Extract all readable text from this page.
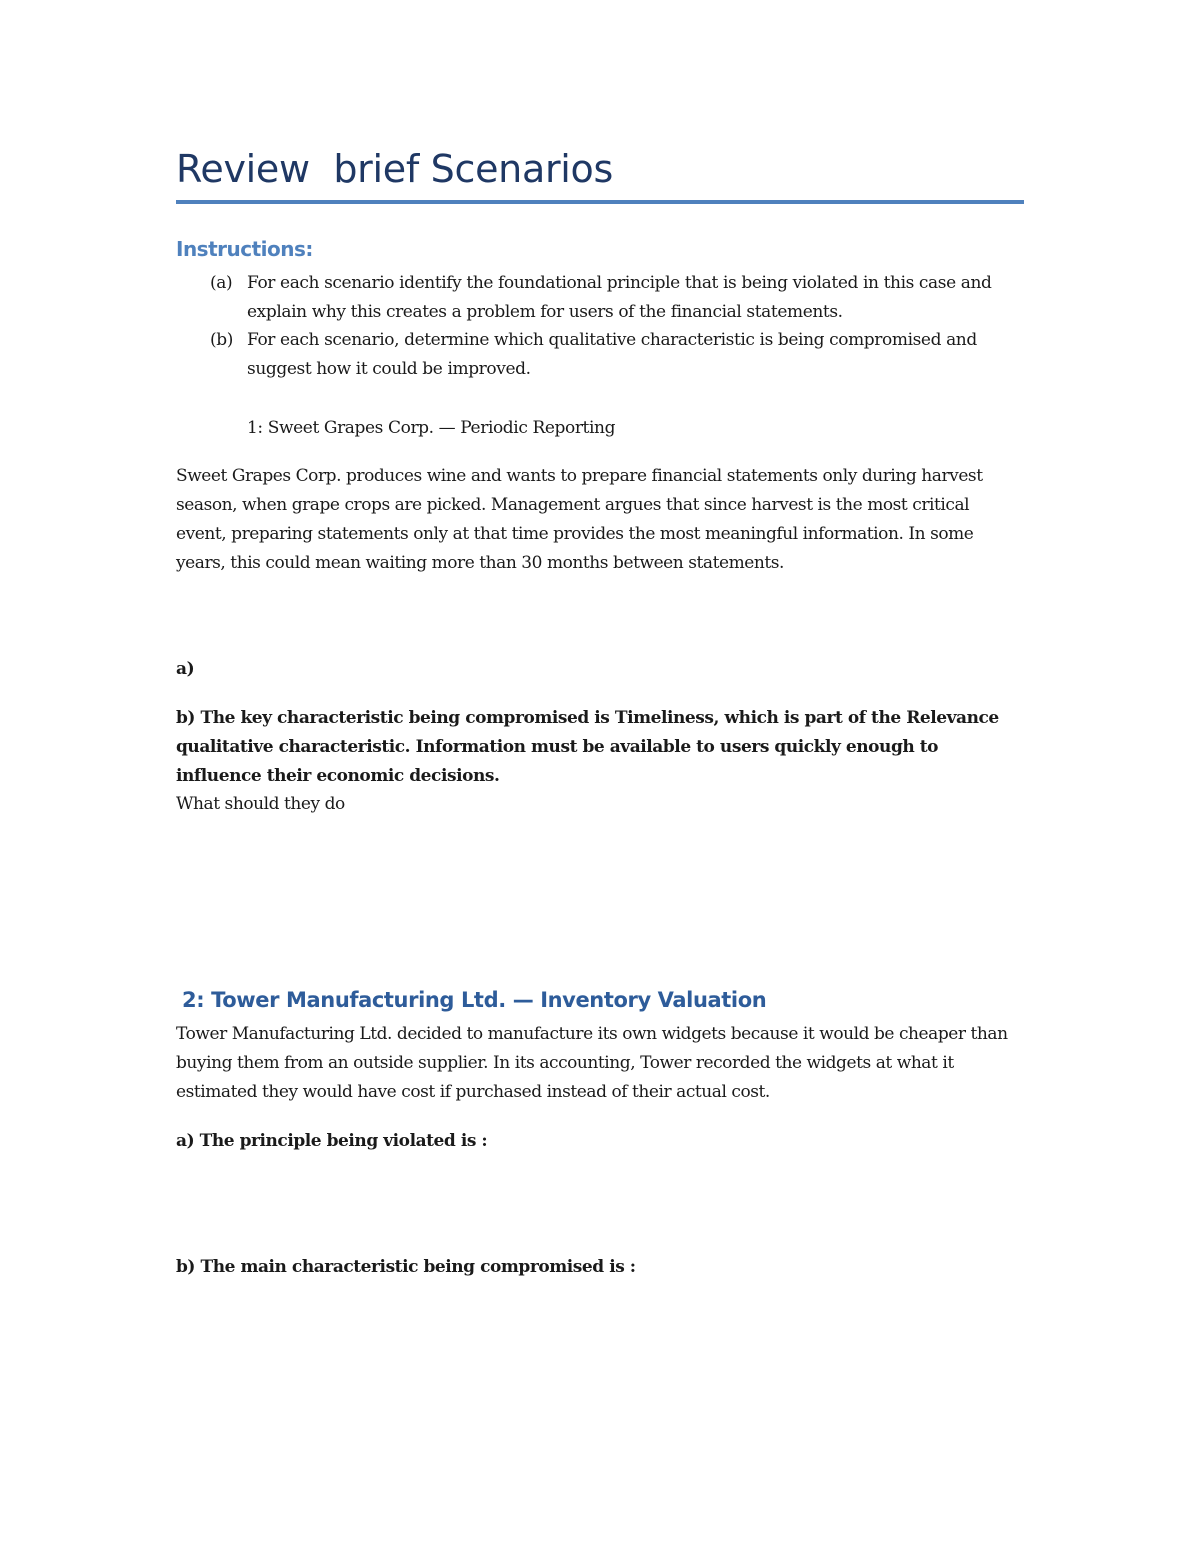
Review  brief Scenarios
Instructions:
(a) For each scenario identify the foundational principle that is being violated in this case and explain why this creates a problem for users of the financial statements.
(b) For each scenario, determine which qualitative characteristic is being compromised and suggest how it could be improved.
1: Sweet Grapes Corp. — Periodic Reporting
Sweet Grapes Corp. produces wine and wants to prepare financial statements only during harvest season, when grape crops are picked. Management argues that since harvest is the most critical event, preparing statements only at that time provides the most meaningful information. In some years, this could mean waiting more than 30 months between statements.
a)
b) The key characteristic being compromised is Timeliness, which is part of the Relevance qualitative characteristic. Information must be available to users quickly enough to influence their economic decisions.
What should they do
2: Tower Manufacturing Ltd. — Inventory Valuation
Tower Manufacturing Ltd. decided to manufacture its own widgets because it would be cheaper than buying them from an outside supplier. In its accounting, Tower recorded the widgets at what it estimated they would have cost if purchased instead of their actual cost.
a) The principle being violated is :
b) The main characteristic being compromised is :
